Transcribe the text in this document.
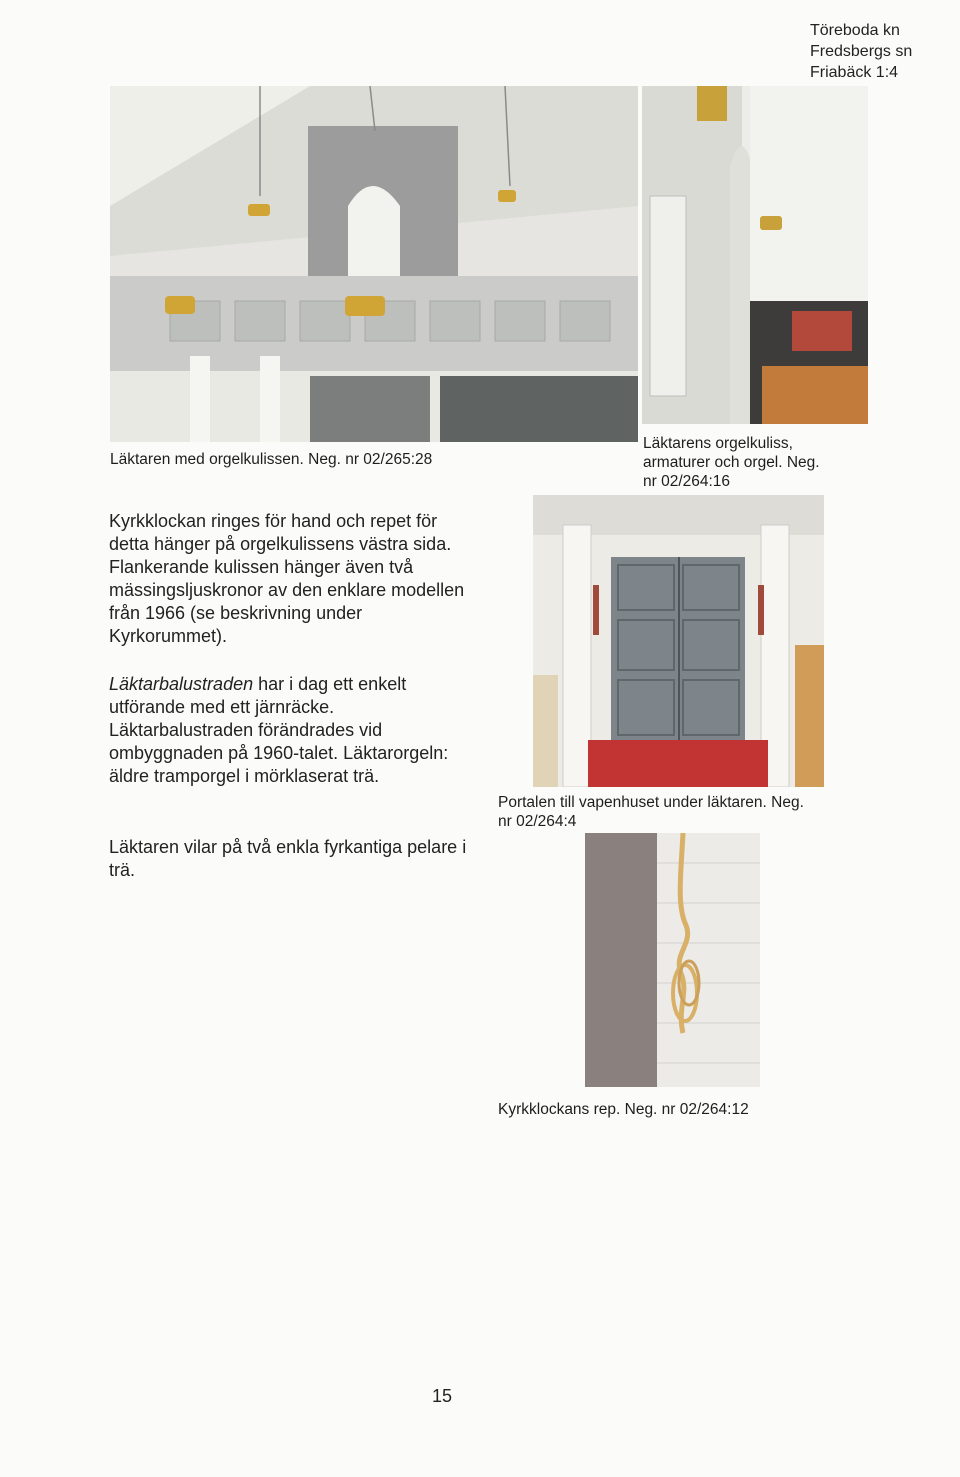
Töreboda kn
Fredsbergs sn
Friabäck 1:4
Läktaren med orgelkulissen. Neg. nr 02/265:28
Läktarens orgelkuliss,
armaturer och orgel. Neg.
nr 02/264:16

Kyrkklockan ringes för hand och repet för detta hänger på orgelkulissens västra sida. Flankerande kulissen hänger även två mässingsljuskronor av den enklare modellen från 1966 (se beskrivning under Kyrkorummet).

Läktarbalustraden har i dag ett enkelt utförande med ett järnräcke. Läktarbalustraden förändrades vid ombyggnaden på 1960-talet. Läktarorgeln: äldre tramporgel i mörklaserat trä.

Läktaren vilar på två enkla fyrkantiga pelare i trä.

Portalen till vapenhuset under läktaren. Neg.
nr 02/264:4
Kyrkklockans rep. Neg. nr 02/264:12
15
